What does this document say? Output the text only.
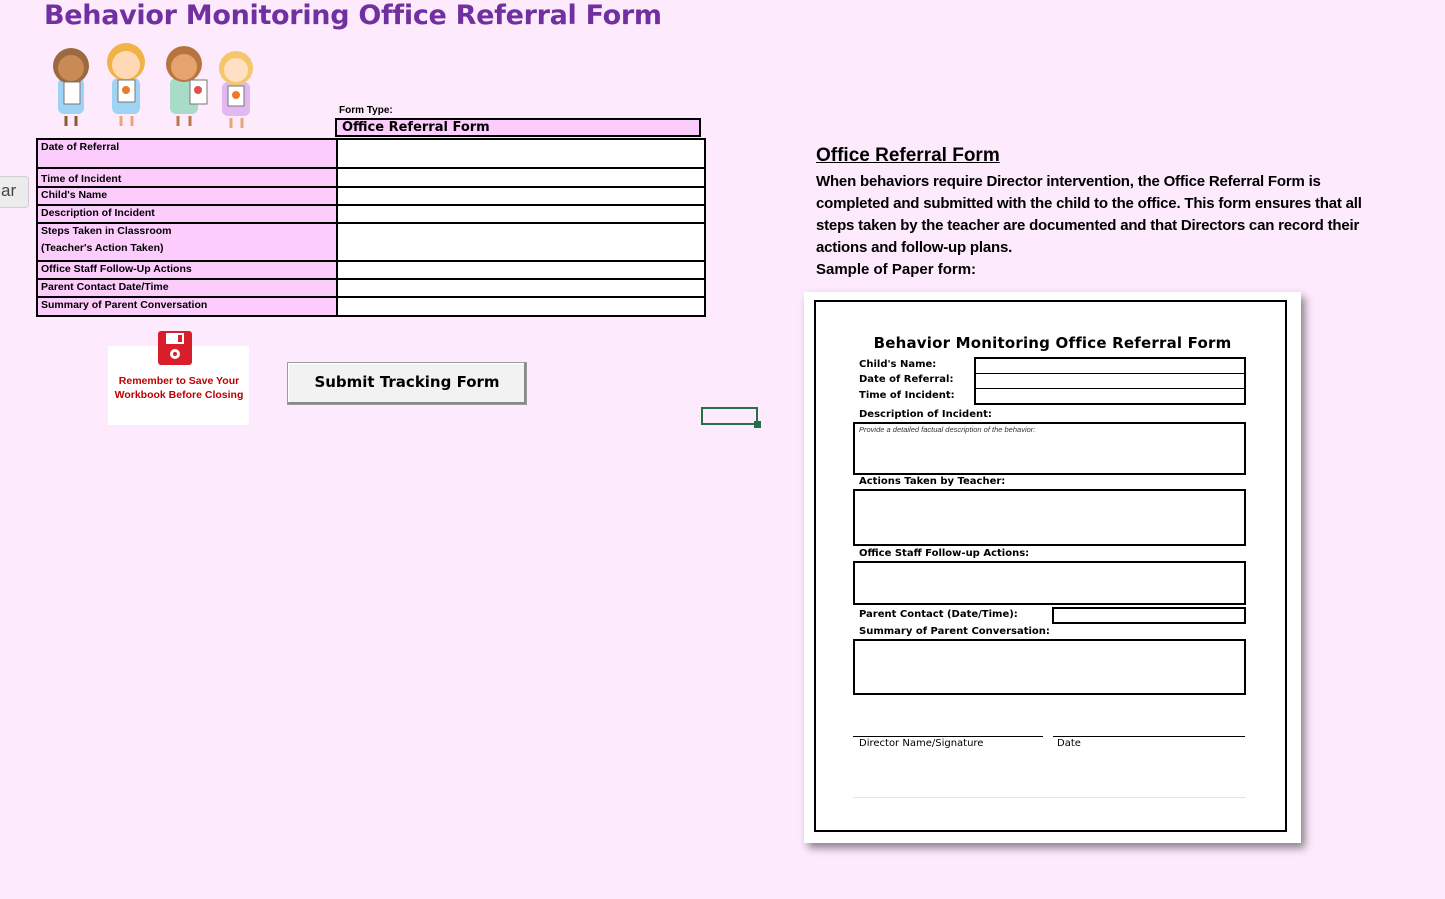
Behavior Monitoring Office Referral Form
ar
Form Type:
Office Referral Form
Date of Referral	

Time of Incident	

Child's Name	

Description of Incident	

Steps Taken in Classroom
(Teacher's Action Taken)	

Office Staff Follow-Up Actions	

Parent Contact Date/Time	

Summary of Parent Conversation	

Remember to Save Your
Workbook Before Closing
Submit Tracking Form
Office Referral Form
When behaviors require Director intervention, the Office Referral Form is completed and submitted with the child to the office. This form ensures that all steps taken by the teacher are documented and that Directors can record their actions and follow-up plans.
Sample of Paper form:
Behavior Monitoring Office Referral Form
Child's Name:
Date of Referral:
Time of Incident:
Description of Incident:
Provide a detailed factual description of the behavior:
Actions Taken by Teacher:
Office Staff Follow-up Actions:
Parent Contact (Date/Time):
Summary of Parent Conversation:
Director Name/Signature	Date
